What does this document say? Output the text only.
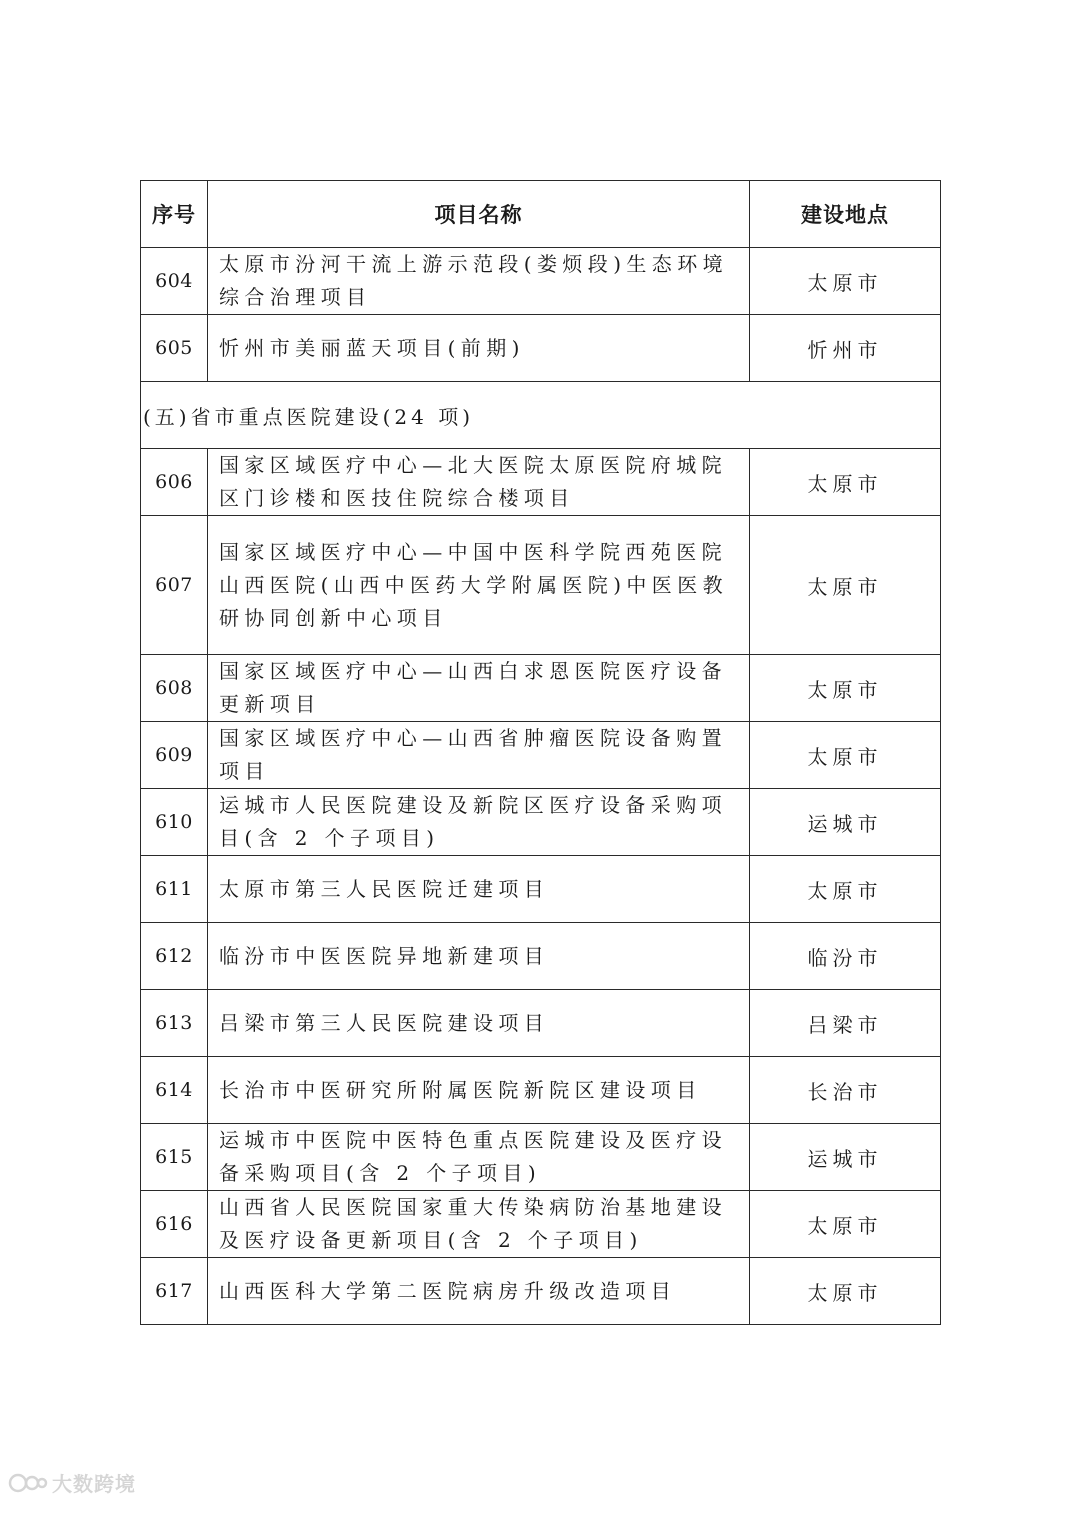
序号	项目名称	建设地点
604	太原市汾河干流上游示范段(娄烦段)生态环境综合治理项目	太原市
605	忻州市美丽蓝天项目(前期)	忻州市
(五)省市重点医院建设(24 项)		
606	国家区域医疗中心—北大医院太原医院府城院区门诊楼和医技住院综合楼项目	太原市
607	国家区域医疗中心—中国中医科学院西苑医院山西医院(山西中医药大学附属医院)中医医教研协同创新中心项目	太原市
608	国家区域医疗中心—山西白求恩医院医疗设备更新项目	太原市
609	国家区域医疗中心—山西省肿瘤医院设备购置项目	太原市
610	运城市人民医院建设及新院区医疗设备采购项目(含 2 个子项目)	运城市
611	太原市第三人民医院迁建项目	太原市
612	临汾市中医医院异地新建项目	临汾市
613	吕梁市第三人民医院建设项目	吕梁市
614	长治市中医研究所附属医院新院区建设项目	长治市
615	运城市中医院中医特色重点医院建设及医疗设备采购项目(含 2 个子项目)	运城市
616	山西省人民医院国家重大传染病防治基地建设及医疗设备更新项目(含 2 个子项目)	太原市
617	山西医科大学第二医院病房升级改造项目	太原市
大数跨境
